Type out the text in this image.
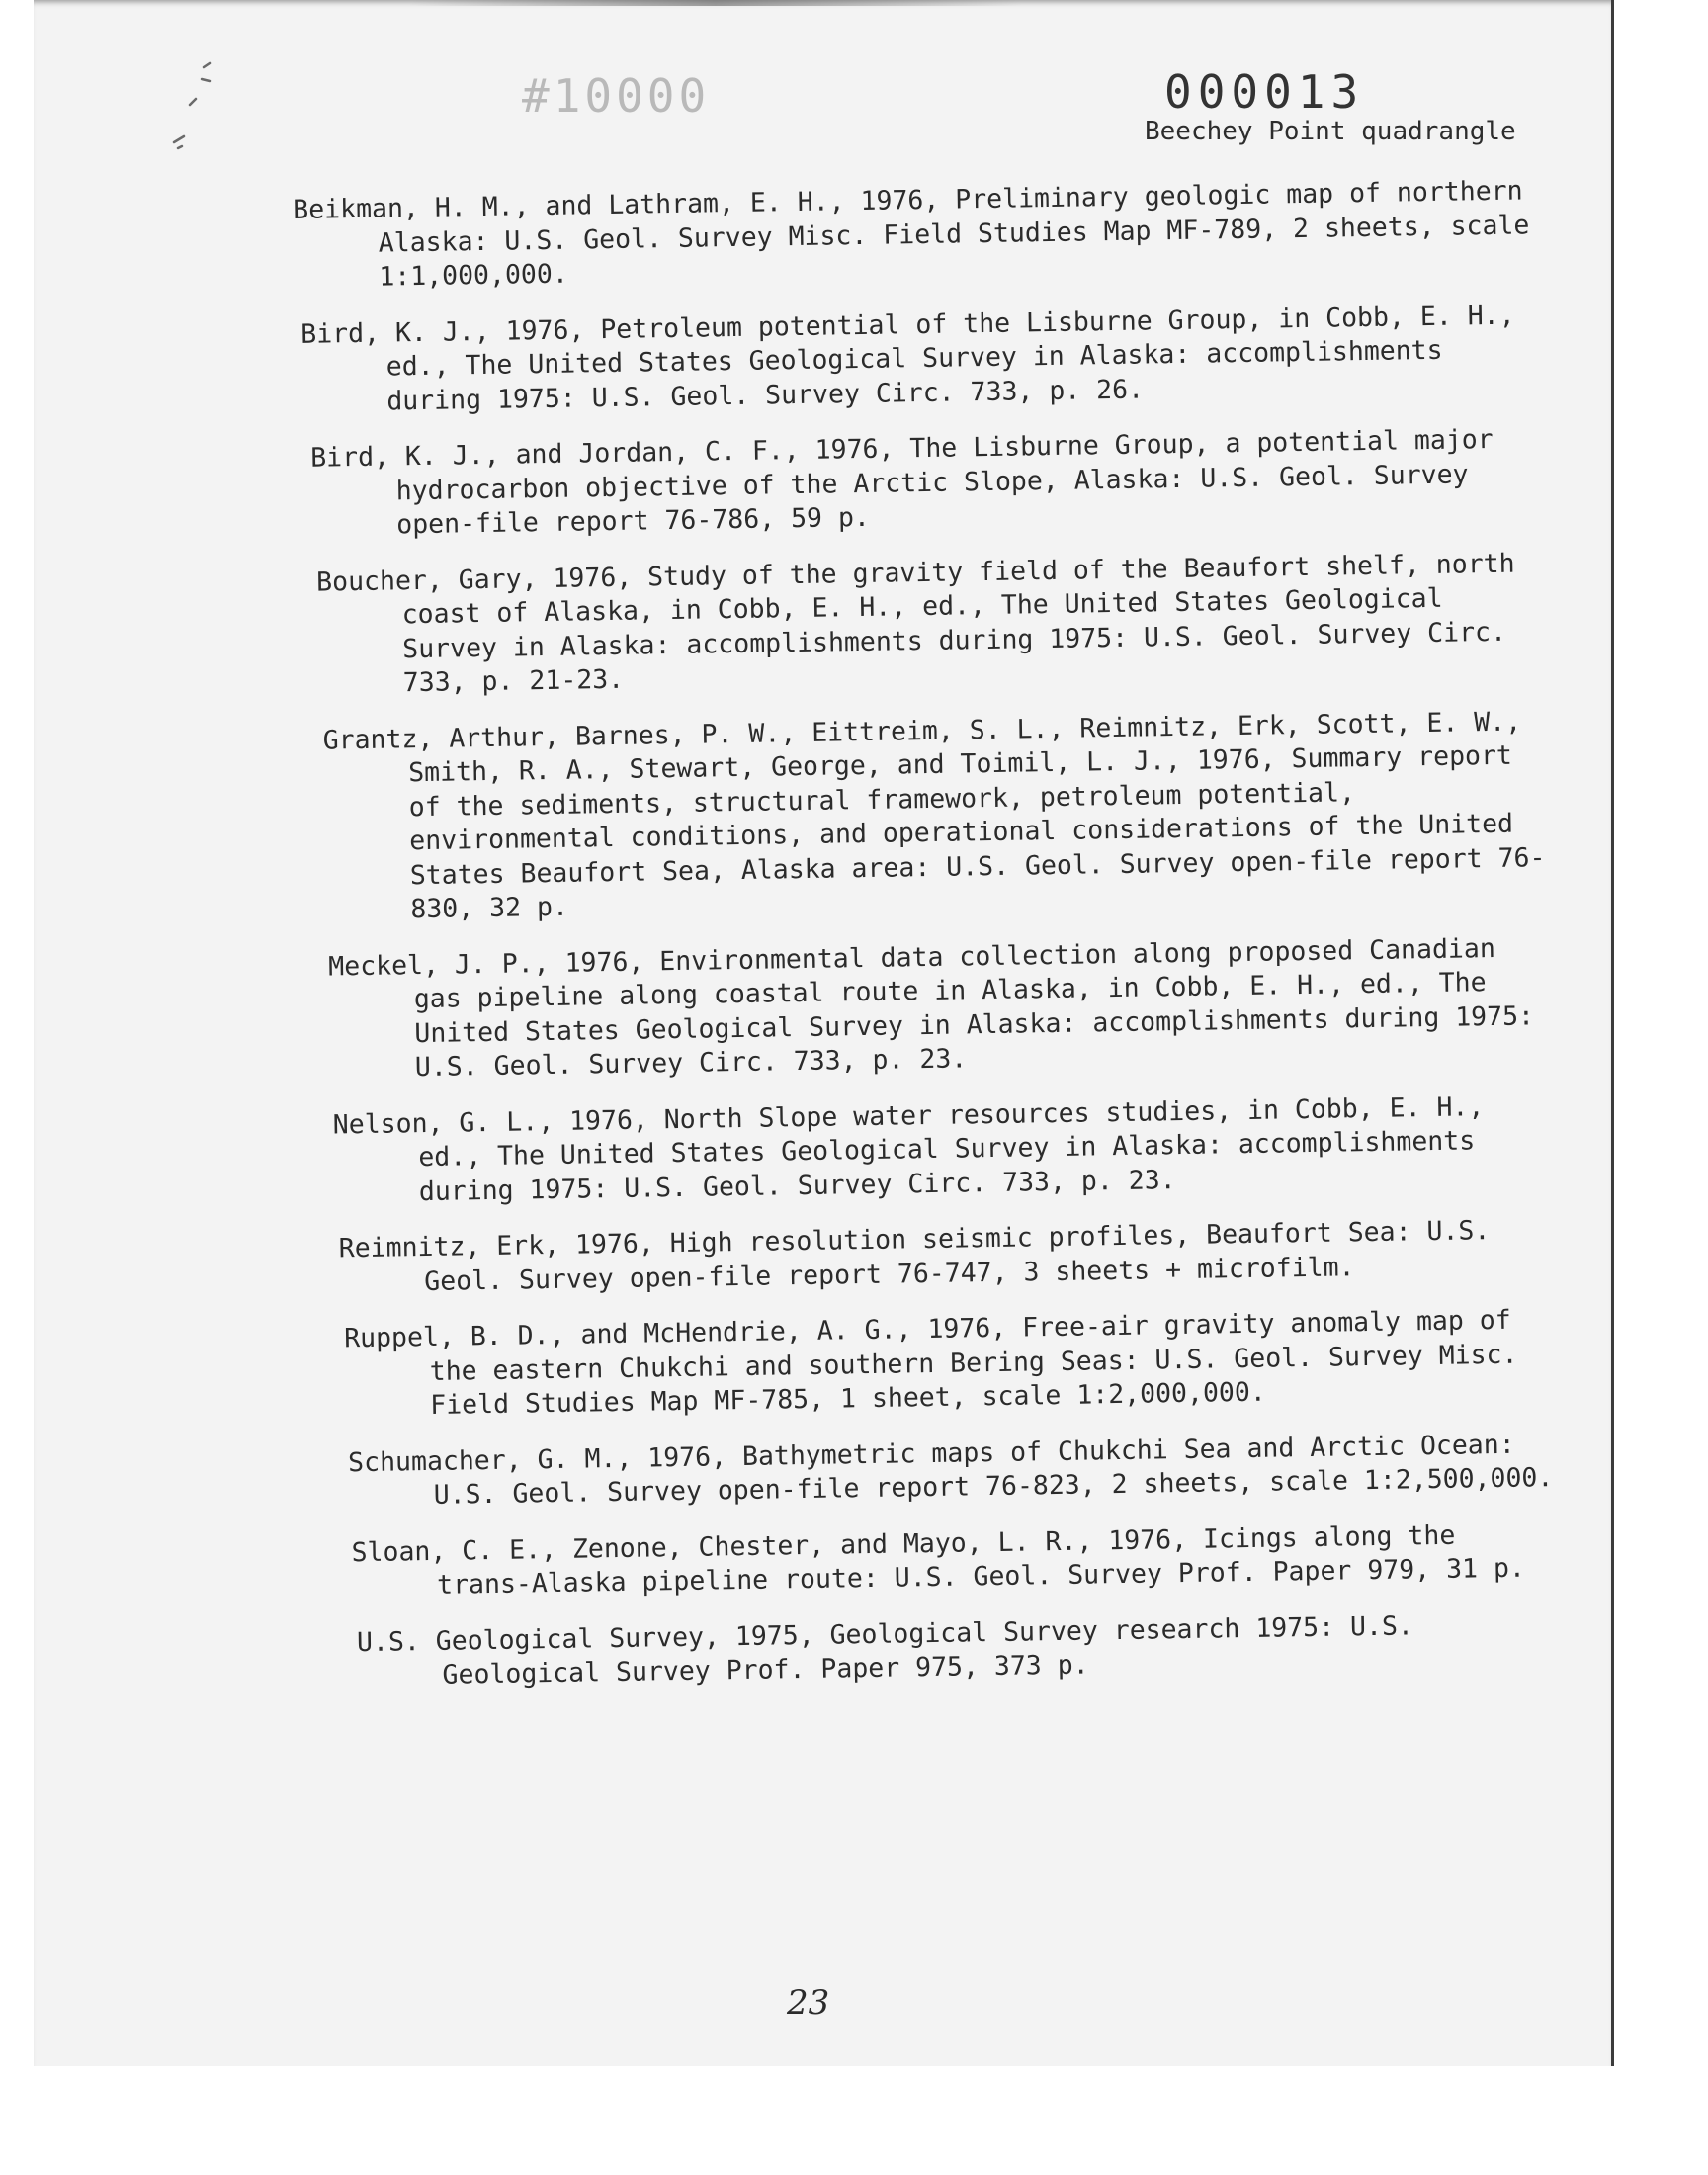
#10000	000013
Beechey Point quadrangle
Beikman, H. M., and Lathram, E. H., 1976, Preliminary geologic map of northern Alaska: U.S. Geol. Survey Misc. Field Studies Map MF-789, 2 sheets, scale 1:1,000,000.
Bird, K. J., 1976, Petroleum potential of the Lisburne Group, in Cobb, E. H., ed., The United States Geological Survey in Alaska: accomplishments during 1975: U.S. Geol. Survey Circ. 733, p. 26.
Bird, K. J., and Jordan, C. F., 1976, The Lisburne Group, a potential major hydrocarbon objective of the Arctic Slope, Alaska: U.S. Geol. Survey open-file report 76-786, 59 p.
Boucher, Gary, 1976, Study of the gravity field of the Beaufort shelf, north coast of Alaska, in Cobb, E. H., ed., The United States Geological Survey in Alaska: accomplishments during 1975: U.S. Geol. Survey Circ. 733, p. 21-23.
Grantz, Arthur, Barnes, P. W., Eittreim, S. L., Reimnitz, Erk, Scott, E. W., Smith, R. A., Stewart, George, and Toimil, L. J., 1976, Summary report of the sediments, structural framework, petroleum potential, environmental conditions, and operational considerations of the United States Beaufort Sea, Alaska area: U.S. Geol. Survey open-file report 76-830, 32 p.
Meckel, J. P., 1976, Environmental data collection along proposed Canadian gas pipeline along coastal route in Alaska, in Cobb, E. H., ed., The United States Geological Survey in Alaska: accomplishments during 1975: U.S. Geol. Survey Circ. 733, p. 23.
Nelson, G. L., 1976, North Slope water resources studies, in Cobb, E. H., ed., The United States Geological Survey in Alaska: accomplishments during 1975: U.S. Geol. Survey Circ. 733, p. 23.
Reimnitz, Erk, 1976, High resolution seismic profiles, Beaufort Sea: U.S. Geol. Survey open-file report 76-747, 3 sheets + microfilm.
Ruppel, B. D., and McHendrie, A. G., 1976, Free-air gravity anomaly map of the eastern Chukchi and southern Bering Seas: U.S. Geol. Survey Misc. Field Studies Map MF-785, 1 sheet, scale 1:2,000,000.
Schumacher, G. M., 1976, Bathymetric maps of Chukchi Sea and Arctic Ocean: U.S. Geol. Survey open-file report 76-823, 2 sheets, scale 1:2,500,000.
Sloan, C. E., Zenone, Chester, and Mayo, L. R., 1976, Icings along the trans-Alaska pipeline route: U.S. Geol. Survey Prof. Paper 979, 31 p.
U.S. Geological Survey, 1975, Geological Survey research 1975: U.S. Geological Survey Prof. Paper 975, 373 p.
23
